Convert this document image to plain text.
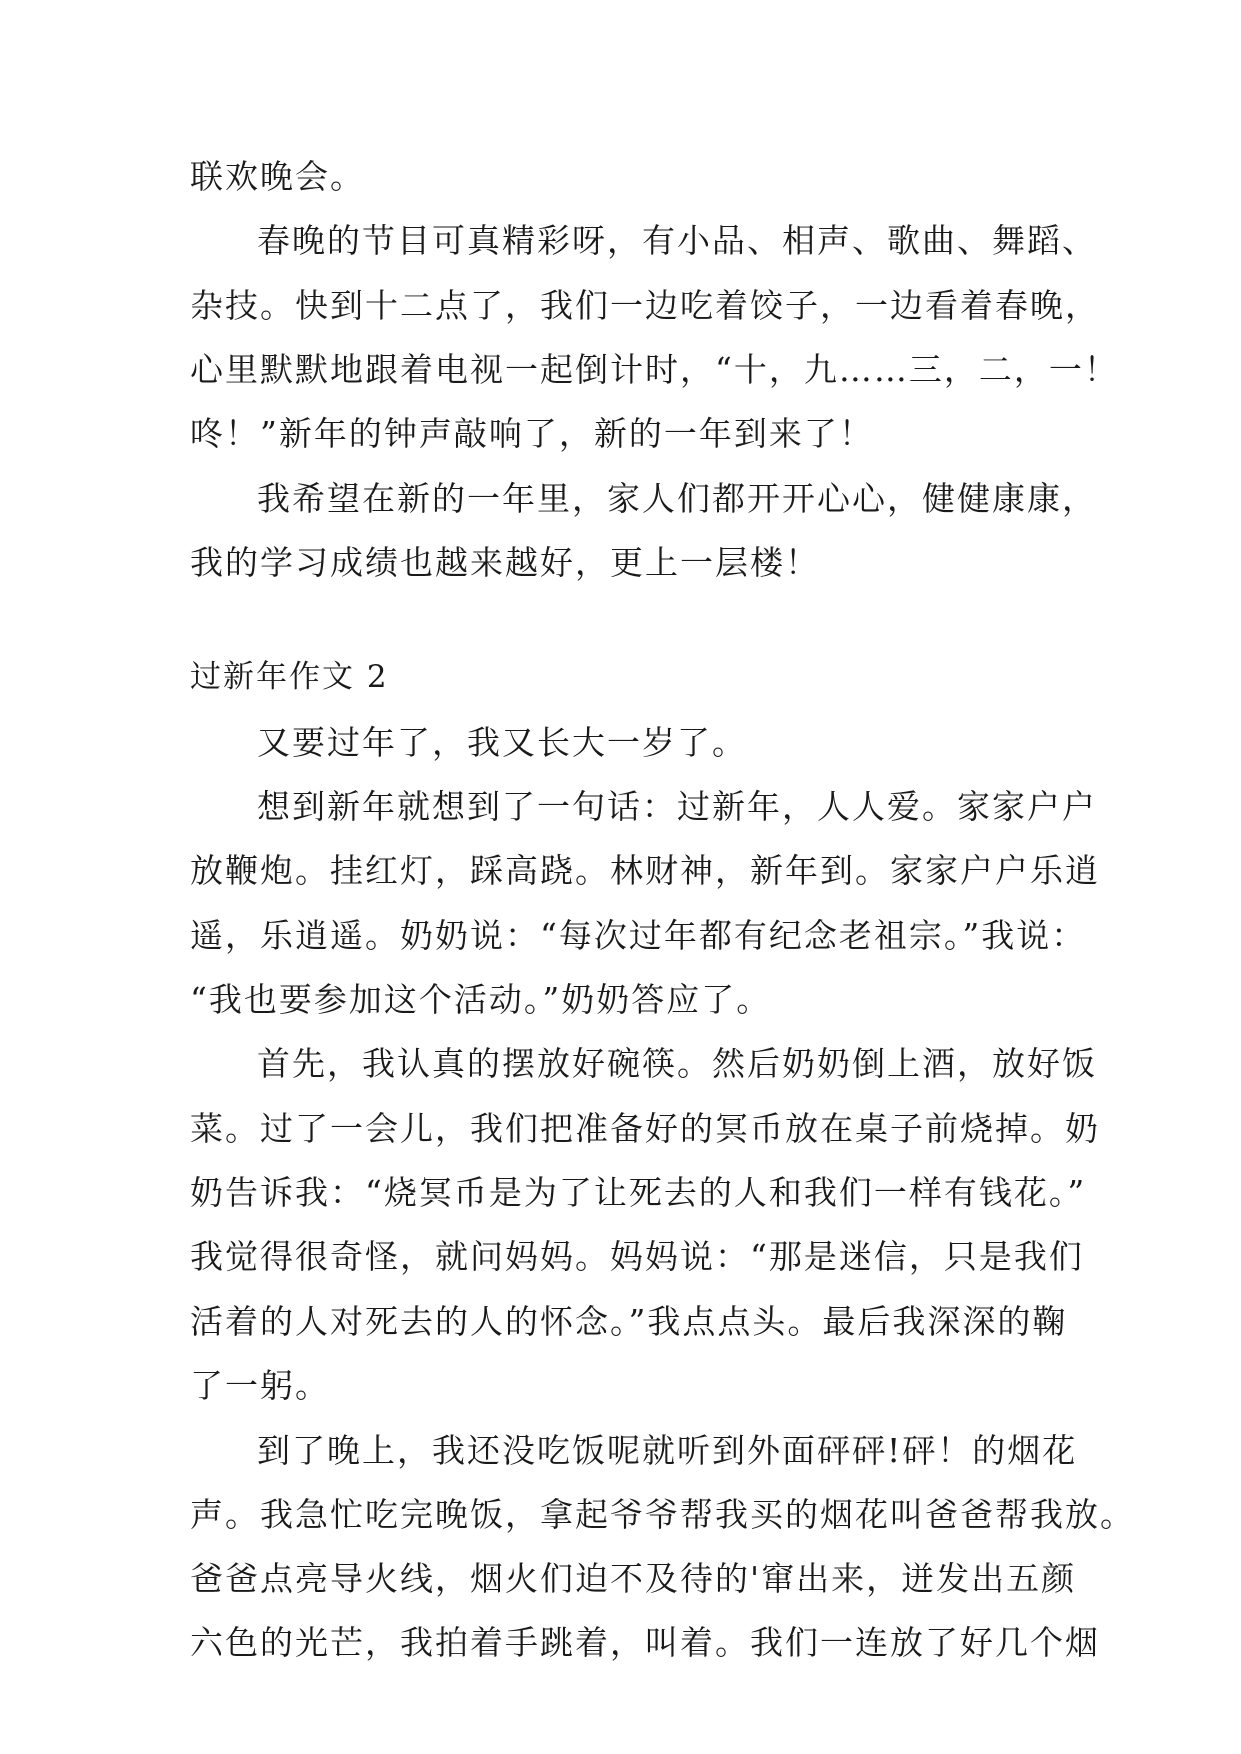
联欢晚会。
春晚的节目可真精彩呀，有小品、相声、歌曲、舞蹈、
杂技。快到十二点了，我们一边吃着饺子，一边看着春晚，
心里默默地跟着电视一起倒计时，“十，九……三，二，一！
咚！”新年的钟声敲响了，新的一年到来了！
我希望在新的一年里，家人们都开开心心，健健康康，
我的学习成绩也越来越好，更上一层楼！
过新年作文 2
又要过年了，我又长大一岁了。
想到新年就想到了一句话：过新年，人人爱。家家户户
放鞭炮。挂红灯，踩高跷。林财神，新年到。家家户户乐逍
遥，乐逍遥。奶奶说：“每次过年都有纪念老祖宗。”我说：
“我也要参加这个活动。”奶奶答应了。
首先，我认真的摆放好碗筷。然后奶奶倒上酒，放好饭
菜。过了一会儿，我们把准备好的冥币放在桌子前烧掉。奶
奶告诉我：“烧冥币是为了让死去的人和我们一样有钱花。”
我觉得很奇怪，就问妈妈。妈妈说：“那是迷信，只是我们
活着的人对死去的人的怀念。”我点点头。最后我深深的鞠
了一躬。
到了晚上，我还没吃饭呢就听到外面砰砰!砰！的烟花
声。我急忙吃完晚饭，拿起爷爷帮我买的烟花叫爸爸帮我放。
爸爸点亮导火线，烟火们迫不及待的'窜出来，迸发出五颜
六色的光芒，我拍着手跳着，叫着。我们一连放了好几个烟
